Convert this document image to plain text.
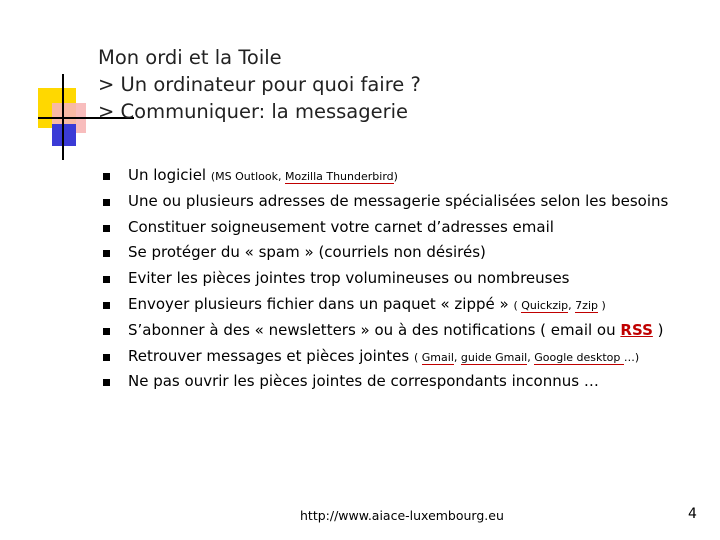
Mon ordi et la Toile
> Un ordinateur pour quoi faire ?
> Communiquer: la messagerie
Un logiciel (MS Outlook, Mozilla Thunderbird)
Une ou plusieurs adresses de messagerie spécialisées selon les besoins
Constituer soigneusement votre carnet d’adresses email
Se protéger du « spam » (courriels non désirés)
Eviter les pièces jointes trop volumineuses ou nombreuses
Envoyer plusieurs fichier dans un paquet « zippé » ( Quickzip, 7zip )
S’abonner à des « newsletters » ou à des notifications ( email ou RSS )
Retrouver messages et pièces jointes ( Gmail, guide Gmail, Google desktop …)
Ne pas ouvrir les pièces jointes de correspondants inconnus …
http://www.aiace-luxembourg.eu	4
